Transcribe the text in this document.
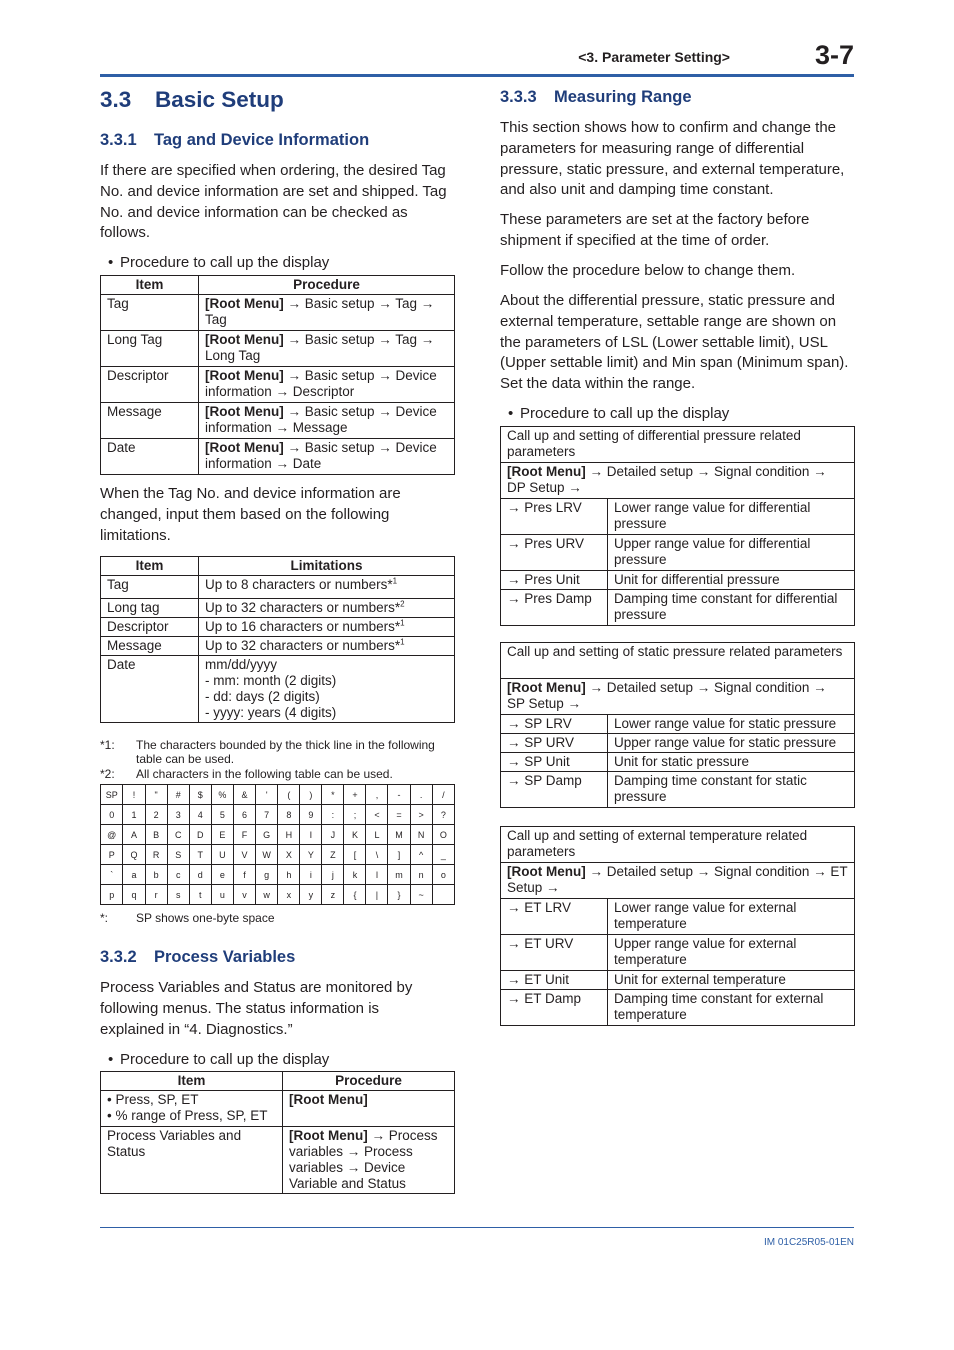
<3. Parameter Setting>	3-7
3.3 Basic Setup
3.3.1 Tag and Device Information

If there are specified when ordering, the desired Tag No. and device information are set and shipped. Tag No. and device information can be checked as follows.

• Procedure to call up the display
Item	Procedure
Tag	[Root Menu] → Basic setup → Tag → Tag
Long Tag	[Root Menu] → Basic setup → Tag → Long Tag
Descriptor	[Root Menu] → Basic setup → Device information → Descriptor
Message	[Root Menu] → Basic setup → Device information → Message
Date	[Root Menu] → Basic setup → Device information → Date

When the Tag No. and device information are changed, input them based on the following limitations.

Item	Limitations
Tag	Up to 8 characters or numbers*$^1$
Long tag	Up to 32 characters or numbers*$^2$
Descriptor	Up to 16 characters or numbers*$^1$
Message	Up to 32 characters or numbers*$^1$
Date	mm/dd/yyyy
- mm: month (2 digits)
- dd: days (2 digits)
- yyyy: years (4 digits)
*1:	The characters bounded by the thick line in the following table can be used.
*2:	All characters in the following table can be used.
SP	!	"	#	$	%	&	'	(	)	*	+	,	-	.	/
0	1	2	3	4	5	6	7	8	9	:	;	<	=	>	?
@	A	B	C	D	E	F	G	H	I	J	K	L	M	N	O
P	Q	R	S	T	U	V	W	X	Y	Z	[	\	]	^	_
`	a	b	c	d	e	f	g	h	i	j	k	l	m	n	o
p	q	r	s	t	u	v	w	x	y	z	{	|	}	~	
*:	SP shows one-byte space
3.3.2 Process Variables

Process Variables and Status are monitored by following menus. The status information is explained in “4. Diagnostics.”

• Procedure to call up the display
Item	Procedure

• Press, SP, ET
• % range of Press, SP, ET	[Root Menu]
Process Variables and Status	[Root Menu] → Process variables → Process variables → Device Variable and Status
3.3.3 Measuring Range

This section shows how to confirm and change the parameters for measuring range of differential pressure, static pressure, and external temperature, and also unit and damping time constant.

These parameters are set at the factory before shipment if specified at the time of order.

Follow the procedure below to change them.

About the differential pressure, static pressure and external temperature, settable range are shown on the parameters of LSL (Lower settable limit), USL (Upper settable limit) and Min span (Minimum span). Set the data within the range.

• Procedure to call up the display
Call up and setting of differential pressure related parameters	
[Root Menu] → Detailed setup → Signal condition → DP Setup →	
→ Pres LRV	Lower range value for differential pressure
→ Pres URV	Upper range value for differential pressure
→ Pres Unit	Unit for differential pressure
→ Pres Damp	Damping time constant for differential pressure
Call up and setting of static pressure related parameters	
[Root Menu] → Detailed setup → Signal condition → SP Setup →	
→ SP LRV	Lower range value for static pressure
→ SP URV	Upper range value for static pressure
→ SP Unit	Unit for static pressure
→ SP Damp	Damping time constant for static pressure
Call up and setting of external temperature related parameters	
[Root Menu] → Detailed setup → Signal condition → ET Setup →	
→ ET LRV	Lower range value for external temperature
→ ET URV	Upper range value for external temperature
→ ET Unit	Unit for external temperature
→ ET Damp	Damping time constant for external temperature
IM 01C25R05-01EN
